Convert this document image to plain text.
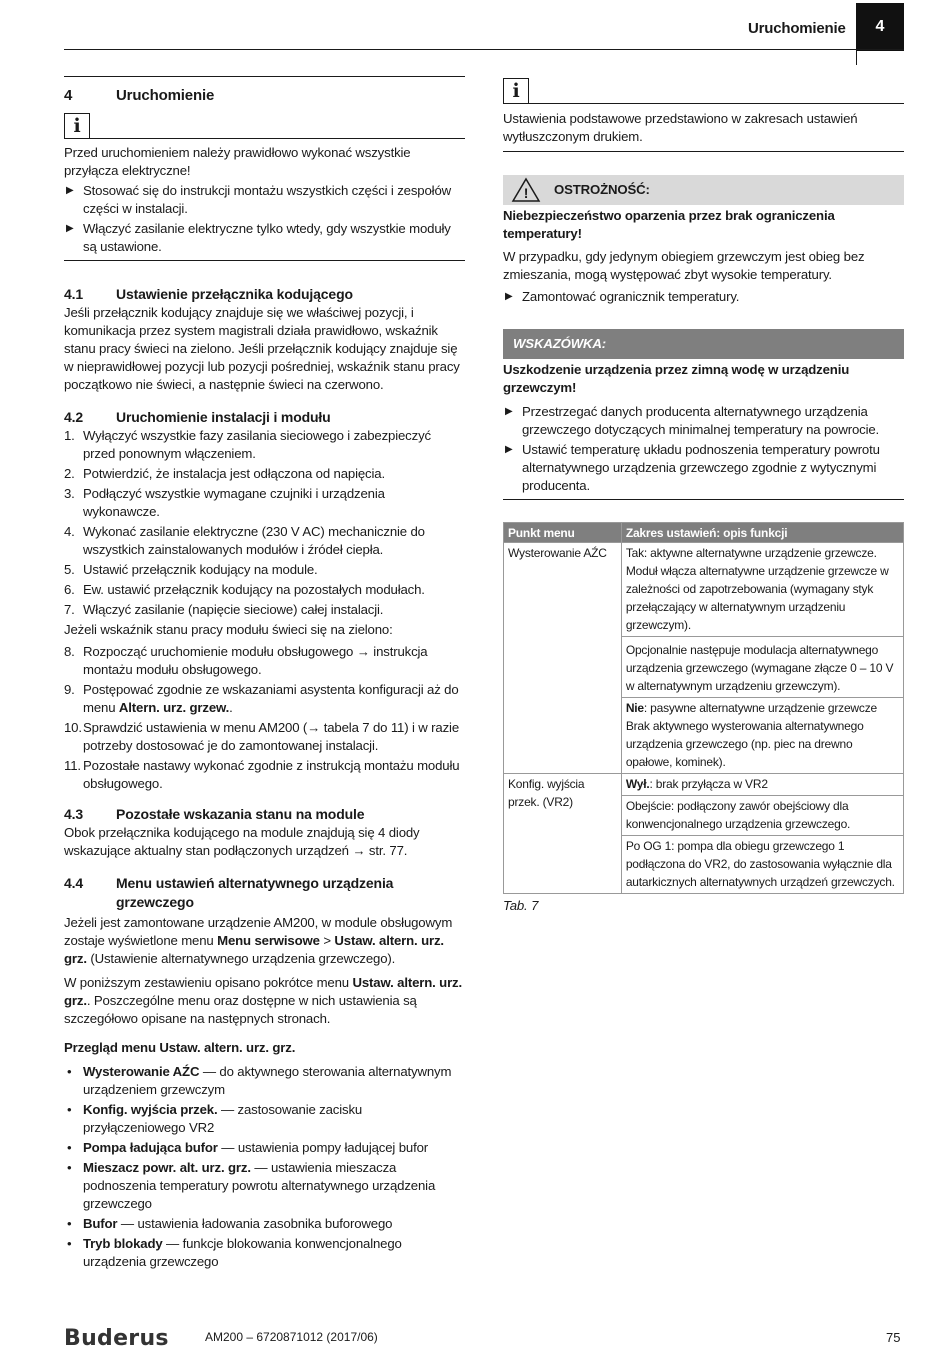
Uruchomienie	4
4	Uruchomienie
i

Przed uruchomieniem należy prawidłowo wykonać wszystkie przyłącza elektryczne!

▶ Stosować się do instrukcji montażu wszystkich części i zespołów części w instalacji.
▶ Włączyć zasilanie elektryczne tylko wtedy, gdy wszystkie moduły są ustawione.
4.1 Ustawienie przełącznika kodującego

Jeśli przełącznik kodujący znajduje się we właściwej pozycji, i komunikacja przez system magistrali działa prawidłowo, wskaźnik stanu pracy świeci na zielono. Jeśli przełącznik kodujący znajduje się w nieprawidłowej pozycji lub pozycji pośredniej, wskaźnik stanu pracy początkowo nie świeci, a następnie świeci na czerwono.

4.2 Uruchomienie instalacji i modułu
1. Wyłączyć wszystkie fazy zasilania sieciowego i zabezpieczyć przed ponownym włączeniem.
2. Potwierdzić, że instalacja jest odłączona od napięcia.
3. Podłączyć wszystkie wymagane czujniki i urządzenia wykonawcze.
4. Wykonać zasilanie elektryczne (230 V AC) mechanicznie do wszystkich zainstalowanych modułów i źródeł ciepła.
5. Ustawić przełącznik kodujący na module.
6. Ew. ustawić przełącznik kodujący na pozostałych modułach.
7. Włączyć zasilanie (napięcie sieciowe) całej instalacji.

Jeżeli wskaźnik stanu pracy modułu świeci się na zielono:

8. Rozpocząć uruchomienie modułu obsługowego → instrukcja montażu modułu obsługowego.
9. Postępować zgodnie ze wskazaniami asystenta konfiguracji aż do menu Altern. urz. grzew..
10. Sprawdzić ustawienia w menu AM200 (→ tabela 7 do 11) i w razie potrzeby dostosować je do zamontowanej instalacji.
11. Pozostałe nastawy wykonać zgodnie z instrukcją montażu modułu obsługowego.
4.3 Pozostałe wskazania stanu na module

Obok przełącznika kodującego na module znajdują się 4 diody wskazujące aktualny stan podłączonych urządzeń → str. 77.

4.4 Menu ustawień alternatywnego urządzenia
grzewczego

Jeżeli jest zamontowane urządzenie AM200, w module obsługowym zostaje wyświetlone menu Menu serwisowe > Ustaw. altern. urz. grz. (Ustawienie alternatywnego urządzenia grzewczego).

W poniższym zestawieniu opisano pokrótce menu Ustaw. altern. urz. grz.. Poszczególne menu oraz dostępne w nich ustawienia są szczegółowo opisane na następnych stronach.

Przegląd menu Ustaw. altern. urz. grz.

• Wysterowanie AŹC — do aktywnego sterowania alternatywnym urządzeniem grzewczym
• Konfig. wyjścia przek. — zastosowanie zacisku przyłączeniowego VR2
• Pompa ładująca bufor — ustawienia pompy ładującej bufor
• Mieszacz powr. alt. urz. grz. — ustawienia mieszacza podnoszenia temperatury powrotu alternatywnego urządzenia grzewczego
• Bufor — ustawienia ładowania zasobnika buforowego
• Tryb blokady — funkcje blokowania konwencjonalnego urządzenia grzewczego
i

Ustawienia podstawowe przedstawiono w zakresach ustawień wytłuszczonym drukiem.

! OSTROŻNOŚĆ:

Niebezpieczeństwo oparzenia przez brak ograniczenia temperatury!

W przypadku, gdy jedynym obiegiem grzewczym jest obieg bez zmieszania, mogą występować zbyt wysokie temperatury.

▶ Zamontować ogranicznik temperatury.
WSKAZÓWKA:

Uszkodzenie urządzenia przez zimną wodę w urządzeniu grzewczym!

▶ Przestrzegać danych producenta alternatywnego urządzenia grzewczego dotyczących minimalnej temperatury na powrocie.
▶ Ustawić temperaturę układu podnoszenia temperatury powrotu alternatywnego urządzenia grzewczego zgodnie z wytycznymi producenta.
Punkt menu	Zakres ustawień: opis funkcji
Wysterowanie AŹC	Tak: aktywne alternatywne urządzenie grzewcze. Moduł włącza alternatywne urządzenie grzewcze w zależności od zapotrzebowania (wymagany styk przełączający w alternatywnym urządzeniu grzewczym).
	Opcjonalnie następuje modulacja alternatywnego urządzenia grzewczego (wymagane złącze 0 – 10 V w alternatywnym urządzeniu grzewczym).
	Nie: pasywne alternatywne urządzenie grzewcze Brak aktywnego wysterowania alternatywnego urządzenia grzewczego (np. piec na drewno opałowe, kominek).
Konfig. wyjścia przek. (VR2)	Wył.: brak przyłącza w VR2
	Obejście: podłączony zawór obejściowy dla konwencjonalnego urządzenia grzewczego.
	Po OG 1: pompa dla obiegu grzewczego 1 podłączona do VR2, do zastosowania wyłącznie dla autarkicznych alternatywnych urządzeń grzewczych.

Tab. 7

Buderus	AM200 – 6720871012 (2017/06)	75
